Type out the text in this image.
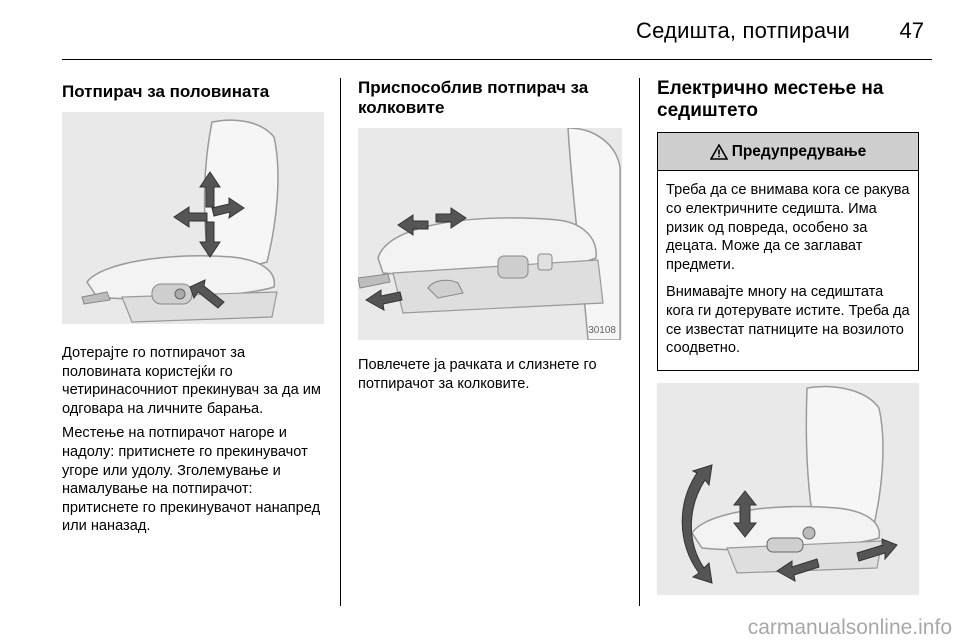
Седишта, потпирачи 47
Потпирач за половината

Дотерајте го потпирачот за половината користејќи го четиринасочниот прекинувач за да им одговара на личните барања.

Местење на потпирачот нагоре и надолу: притиснете го прекинувачот угоре или удолу. Зголемување и намалување на потпирачот: притиснете го прекинувачот нанапред или наназад.

Приспособлив потпирач за колковите
30108

Повлечете ја рачката и слизнете го потпирачот за колковите.

Електрично местење на седиштето
Предупредување

Треба да се внимава кога се ракува со електричните седишта. Има ризик од повреда, особено за децата. Може да се заглават предмети.

Внимавајте многу на седиштата кога ги дотерувате истите. Треба да се известат патниците на возилото соодветно.

carmanualsonline.info
